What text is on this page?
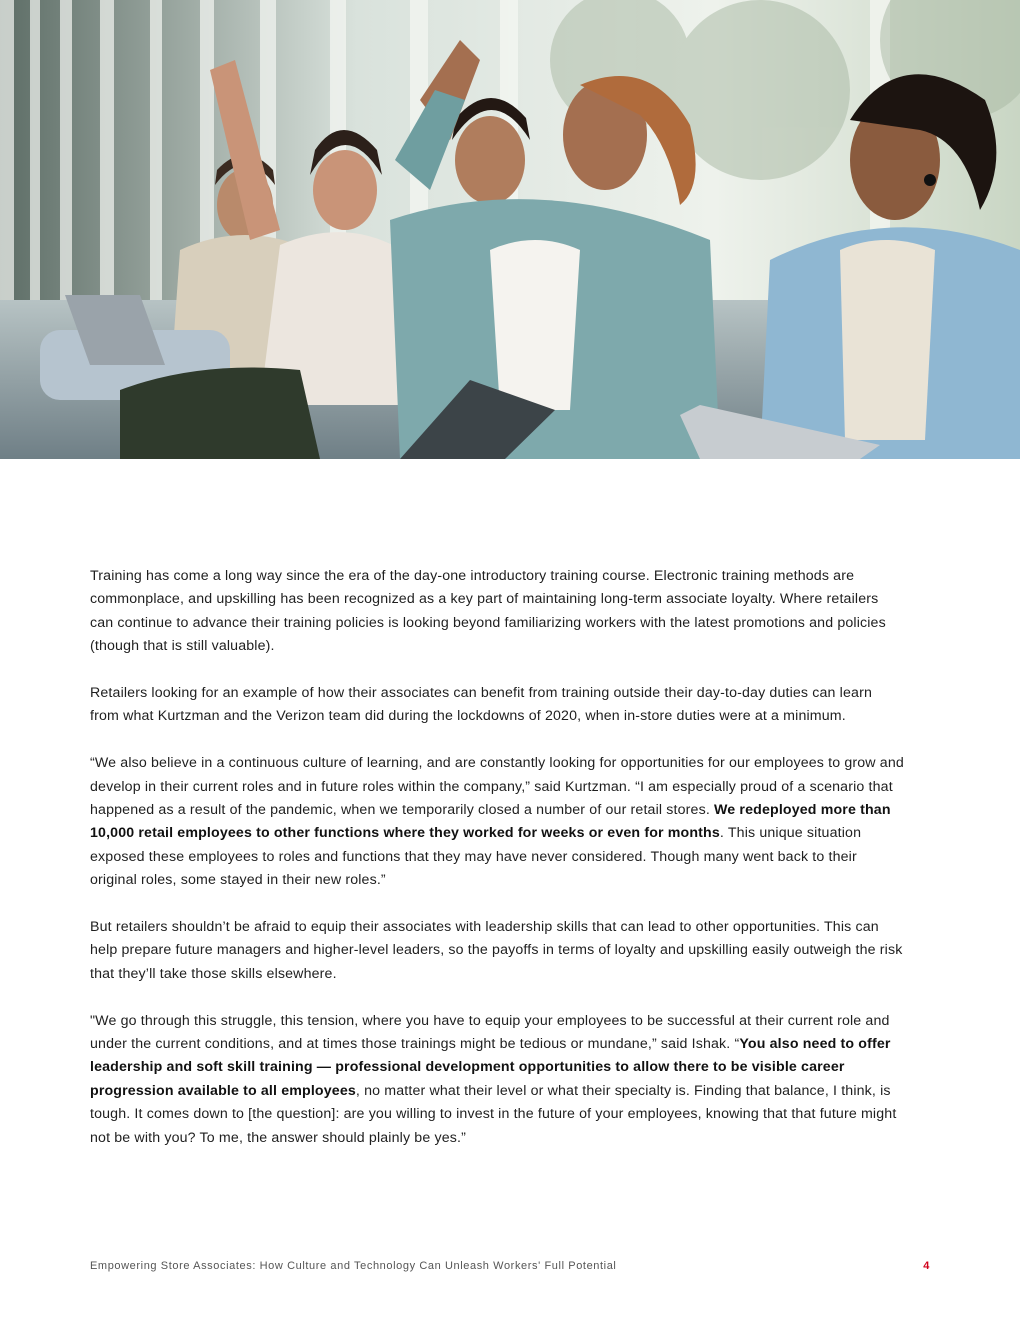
Training has come a long way since the era of the day-one introductory training course. Electronic training methods are commonplace, and upskilling has been recognized as a key part of maintaining long-term associate loyalty. Where retailers can continue to advance their training policies is looking beyond familiarizing workers with the latest promotions and policies (though that is still valuable).

Retailers looking for an example of how their associates can benefit from training outside their day-to-day duties can learn from what Kurtzman and the Verizon team did during the lockdowns of 2020, when in-store duties were at a minimum.

“We also believe in a continuous culture of learning, and are constantly looking for opportunities for our employees to grow and develop in their current roles and in future roles within the company,” said Kurtzman. “I am especially proud of a scenario that happened as a result of the pandemic, when we temporarily closed a number of our retail stores. We redeployed more than 10,000 retail employees to other functions where they worked for weeks or even for months. This unique situation exposed these employees to roles and functions that they may have never considered. Though many went back to their original roles, some stayed in their new roles.”

But retailers shouldn’t be afraid to equip their associates with leadership skills that can lead to other opportunities. This can help prepare future managers and higher-level leaders, so the payoffs in terms of loyalty and upskilling easily outweigh the risk that they’ll take those skills elsewhere.

"We go through this struggle, this tension, where you have to equip your employees to be successful at their current role and under the current conditions, and at times those trainings might be tedious or mundane,” said Ishak. “You also need to offer leadership and soft skill training — professional development opportunities to allow there to be visible career progression available to all employees, no matter what their level or what their specialty is. Finding that balance, I think, is tough. It comes down to [the question]: are you willing to invest in the future of your employees, knowing that that future might not be with you? To me, the answer should plainly be yes.”

Empowering Store Associates: How Culture and Technology Can Unleash Workers' Full Potential	4
